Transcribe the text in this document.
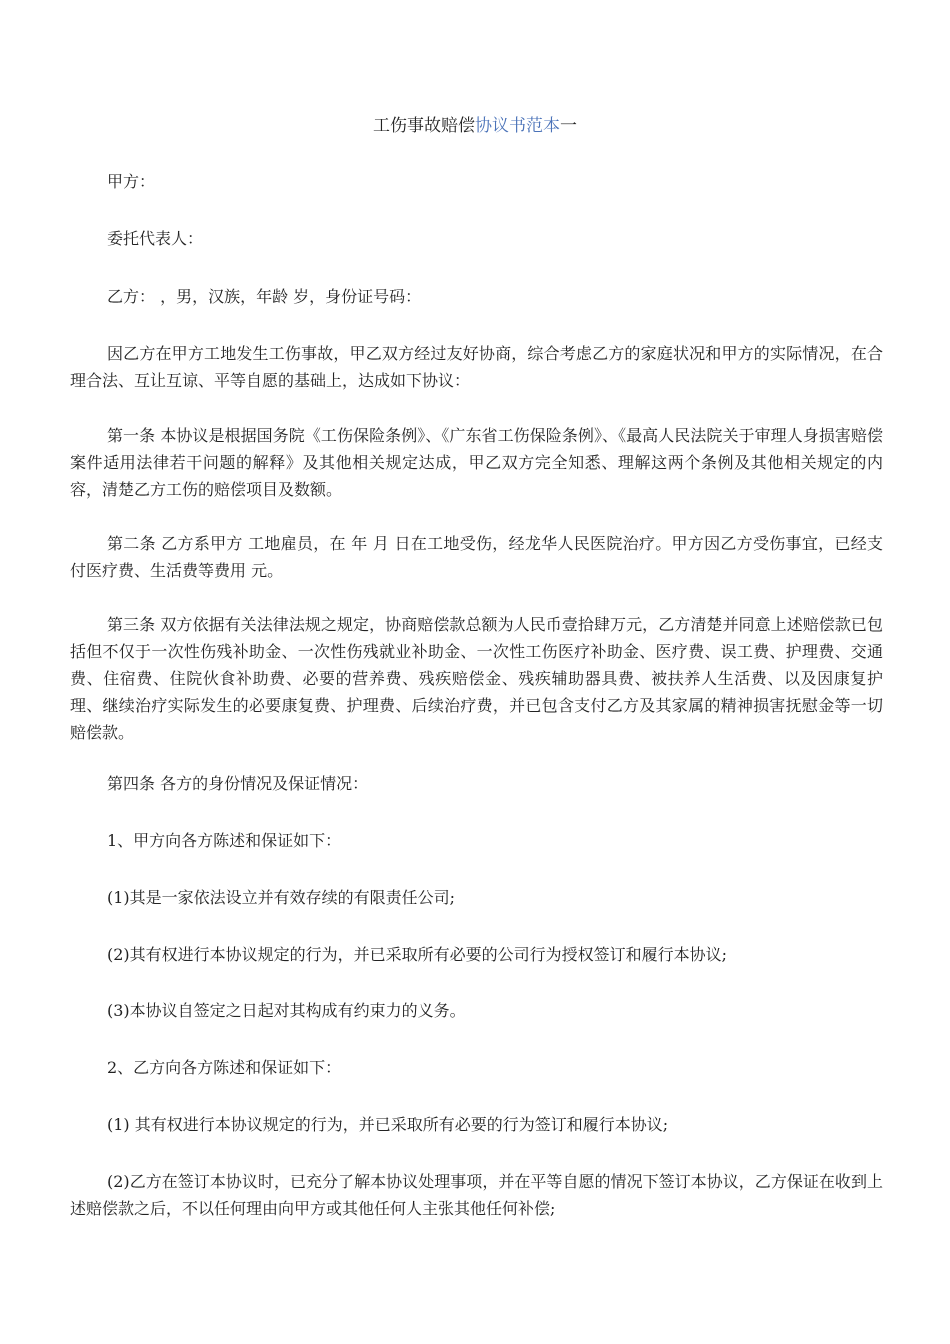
工伤事故赔偿协议书范本一

甲方：

委托代表人：

乙方： ，男，汉族，年龄 岁，身份证号码：

因乙方在甲方工地发生工伤事故，甲乙双方经过友好协商，综合考虑乙方的家庭状况和甲方的实际情况，在合理合法、互让互谅、平等自愿的基础上，达成如下协议：

第一条 本协议是根据国务院《工伤保险条例》、《广东省工伤保险条例》、《最高人民法院关于审理人身损害赔偿案件适用法律若干问题的解释》及其他相关规定达成，甲乙双方完全知悉、理解这两个条例及其他相关规定的内容，清楚乙方工伤的赔偿项目及数额。

第二条 乙方系甲方 工地雇员，在 年 月 日在工地受伤，经龙华人民医院治疗。甲方因乙方受伤事宜，已经支付医疗费、生活费等费用 元。

第三条 双方依据有关法律法规之规定，协商赔偿款总额为人民币壹拾肆万元，乙方清楚并同意上述赔偿款已包括但不仅于一次性伤残补助金、一次性伤残就业补助金、一次性工伤医疗补助金、医疗费、误工费、护理费、交通费、住宿费、住院伙食补助费、必要的营养费、残疾赔偿金、残疾辅助器具费、被扶养人生活费、以及因康复护理、继续治疗实际发生的必要康复费、护理费、后续治疗费，并已包含支付乙方及其家属的精神损害抚慰金等一切赔偿款。

第四条 各方的身份情况及保证情况：

1、甲方向各方陈述和保证如下：

(1)其是一家依法设立并有效存续的有限责任公司;

(2)其有权进行本协议规定的行为，并已采取所有必要的公司行为授权签订和履行本协议;

(3)本协议自签定之日起对其构成有约束力的义务。

2、乙方向各方陈述和保证如下：

(1) 其有权进行本协议规定的行为，并已采取所有必要的行为签订和履行本协议;

(2)乙方在签订本协议时，已充分了解本协议处理事项，并在平等自愿的情况下签订本协议，乙方保证在收到上述赔偿款之后，不以任何理由向甲方或其他任何人主张其他任何补偿;
